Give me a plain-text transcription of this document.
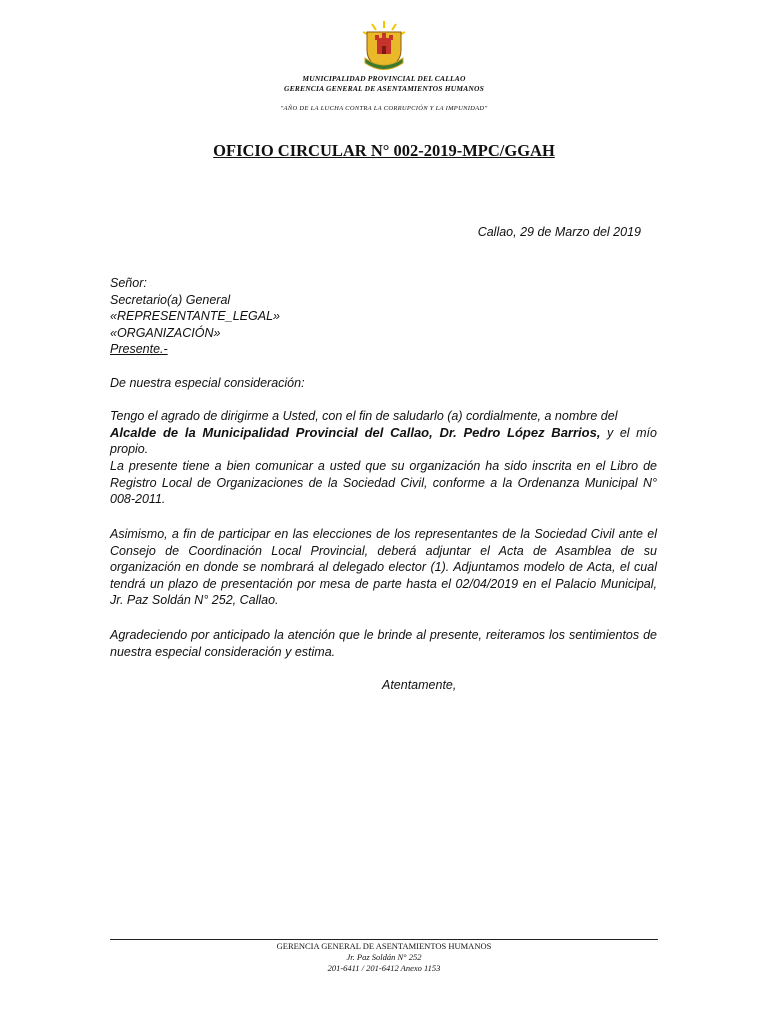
MUNICIPALIDAD PROVINCIAL DEL CALLAO
GERENCIA GENERAL DE ASENTAMIENTOS HUMANOS
"AÑO DE LA LUCHA CONTRA LA CORRUPCIÓN Y LA IMPUNIDAD"
OFICIO CIRCULAR N° 002-2019-MPC/GGAH
Callao, 29 de Marzo del 2019
Señor:
Secretario(a) General
«REPRESENTANTE_LEGAL»
«ORGANIZACIÓN»
Presente.-
De nuestra especial consideración:
Tengo el agrado de dirigirme a Usted, con el fin de saludarlo (a) cordialmente, a nombre del
Alcalde de la Municipalidad Provincial del Callao, Dr. Pedro López Barrios, y el mío propio.
La presente tiene a bien comunicar a usted que su organización ha sido inscrita en el Libro de Registro Local de Organizaciones de la Sociedad Civil, conforme a la Ordenanza Municipal N° 008-2011.
Asimismo, a fin de participar en las elecciones de los representantes de la Sociedad Civil ante el Consejo de Coordinación Local Provincial, deberá adjuntar el Acta de Asamblea de su organización en donde se nombrará al delegado elector (1). Adjuntamos modelo de Acta, el cual tendrá un plazo de presentación por mesa de parte hasta el 02/04/2019 en el Palacio Municipal, Jr. Paz Soldán N° 252, Callao.
Agradeciendo por anticipado la atención que le brinde al presente, reiteramos los sentimientos de nuestra especial consideración y estima.
Atentamente,
GERENCIA GENERAL DE ASENTAMIENTOS HUMANOS
Jr. Paz Soldán N° 252
201-6411 / 201-6412 Anexo 1153
